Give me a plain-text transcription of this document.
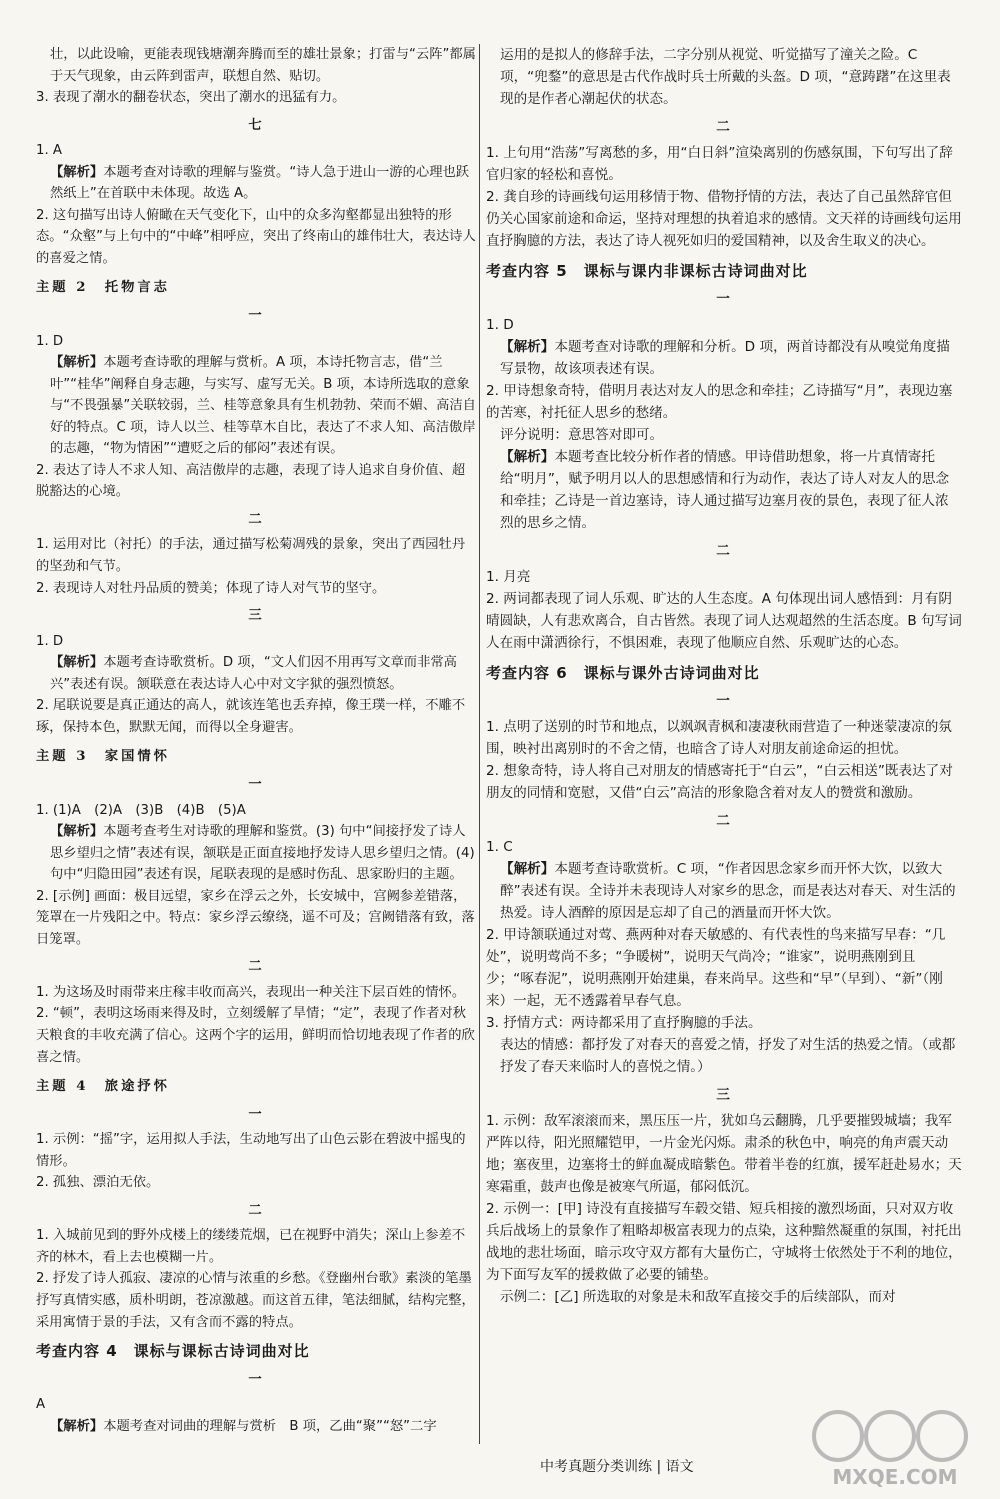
壮，以此设喻，更能表现钱塘潮奔腾而至的雄壮景象；打雷与“云阵”都属于天气现象，由云阵到雷声，联想自然、贴切。
3. 表现了潮水的翻卷状态，突出了潮水的迅猛有力。
七
1. A
【解析】本题考查对诗歌的理解与鉴赏。“诗人急于进山一游的心理也跃然纸上”在首联中未体现。故选 A。
2. 这句描写出诗人俯瞰在天气变化下，山中的众多沟壑都显出独特的形态。“众壑”与上句中的“中峰”相呼应，突出了终南山的雄伟壮大，表达诗人的喜爱之情。
主题 2　托物言志
一
1. D
【解析】本题考查诗歌的理解与赏析。A 项，本诗托物言志，借“兰叶”“桂华”阐释自身志趣，与实写、虚写无关。B 项，本诗所选取的意象与“不畏强暴”关联较弱，兰、桂等意象具有生机勃勃、荣而不媚、高洁自好的特点。C 项，诗人以兰、桂等草木自比，表达了不求人知、高洁傲岸的志趣，“物为情困”“遭贬之后的郁闷”表述有误。
2. 表达了诗人不求人知、高洁傲岸的志趣，表现了诗人追求自身价值、超脱豁达的心境。
二
1. 运用对比（衬托）的手法，通过描写松菊凋残的景象，突出了西园牡丹的坚劲和气节。
2. 表现诗人对牡丹品质的赞美；体现了诗人对气节的坚守。
三
1. D
【解析】本题考查诗歌赏析。D 项，“文人们因不用再写文章而非常高兴”表述有误。颔联意在表达诗人心中对文字狱的强烈愤怒。
2. 尾联说要是真正通达的高人，就该连笔也丢弃掉，像王璞一样，不雕不琢，保持本色，默默无闻，而得以全身避害。
主题 3　家国情怀
一
1. (1)A　(2)A　(3)B　(4)B　(5)A
【解析】本题考查考生对诗歌的理解和鉴赏。(3) 句中“间接抒发了诗人思乡望归之情”表述有误，颔联是正面直接地抒发诗人思乡望归之情。(4) 句中“归隐田园”表述有误，尾联表现的是感时伤乱、思家盼归的主题。
2. [示例] 画面：极目远望，家乡在浮云之外，长安城中，宫阙参差错落，笼罩在一片残阳之中。特点：家乡浮云缭绕，遥不可及；宫阙错落有致，落日笼罩。
二
1. 为这场及时雨带来庄稼丰收而高兴，表现出一种关注下层百姓的情怀。
2. “顿”，表明这场雨来得及时，立刻缓解了旱情；“定”，表现了作者对秋天粮食的丰收充满了信心。这两个字的运用，鲜明而恰切地表现了作者的欣喜之情。
主题 4　旅途抒怀
一
1. 示例：“摇”字，运用拟人手法，生动地写出了山色云影在碧波中摇曳的情形。
2. 孤独、漂泊无依。
二
1. 入城前见到的野外戍楼上的缕缕荒烟，已在视野中消失；深山上参差不齐的林木，看上去也模糊一片。
2. 抒发了诗人孤寂、凄凉的心情与浓重的乡愁。《登幽州台歌》素淡的笔墨抒写真情实感，质朴明朗，苍凉激越。而这首五律，笔法细腻，结构完整，采用寓情于景的手法，又有含而不露的特点。
考查内容 4　课标与课标古诗词曲对比
一
A
【解析】本题考查对词曲的理解与赏析　B 项，乙曲“聚”“怒”二字
运用的是拟人的修辞手法，二字分别从视觉、听觉描写了潼关之险。C 项，“兜鍪”的意思是古代作战时兵士所戴的头盔。D 项，“意踌躇”在这里表现的是作者心潮起伏的状态。
二
1. 上句用“浩荡”写离愁的多，用“白日斜”渲染离别的伤感氛围，下句写出了辞官归家的轻松和喜悦。
2. 龚自珍的诗画线句运用移情于物、借物抒情的方法，表达了自己虽然辞官但仍关心国家前途和命运，坚持对理想的执着追求的感情。文天祥的诗画线句运用直抒胸臆的方法，表达了诗人视死如归的爱国精神，以及舍生取义的决心。
考查内容 5　课标与课内非课标古诗词曲对比
一
1. D
【解析】本题考查对诗歌的理解和分析。D 项，两首诗都没有从嗅觉角度描写景物，故该项表述有误。
2. 甲诗想象奇特，借明月表达对友人的思念和牵挂；乙诗描写“月”，表现边塞的苦寒，衬托征人思乡的愁绪。
评分说明：意思答对即可。
【解析】本题考查比较分析作者的情感。甲诗借助想象，将一片真情寄托给“明月”，赋予明月以人的思想感情和行为动作，表达了诗人对友人的思念和牵挂；乙诗是一首边塞诗，诗人通过描写边塞月夜的景色，表现了征人浓烈的思乡之情。
二
1. 月亮
2. 两词都表现了词人乐观、旷达的人生态度。A 句体现出词人感悟到：月有阴晴圆缺，人有悲欢离合，自古皆然。表现了词人达观超然的生活态度。B 句写词人在雨中潇洒徐行，不惧困难，表现了他顺应自然、乐观旷达的心态。
考查内容 6　课标与课外古诗词曲对比
一
1. 点明了送别的时节和地点，以飒飒青枫和凄凄秋雨营造了一种迷蒙凄凉的氛围，映衬出离别时的不舍之情，也暗含了诗人对朋友前途命运的担忧。
2. 想象奇特，诗人将自己对朋友的情感寄托于“白云”，“白云相送”既表达了对朋友的同情和宽慰，又借“白云”高洁的形象隐含着对友人的赞赏和激励。
二
1. C
【解析】本题考查诗歌赏析。C 项，“作者因思念家乡而开怀大饮，以致大醉”表述有误。全诗并未表现诗人对家乡的思念，而是表达对春天、对生活的热爱。诗人酒醉的原因是忘却了自己的酒量而开怀大饮。
2. 甲诗颔联通过对莺、燕两种对春天敏感的、有代表性的鸟来描写早春：“几处”，说明莺尚不多；“争暖树”，说明天气尚冷；“谁家”，说明燕刚到且少；“啄春泥”，说明燕刚开始建巢，春来尚早。这些和“早”（早到）、“新”（刚来）一起，无不透露着早春气息。
3. 抒情方式：两诗都采用了直抒胸臆的手法。
表达的情感：都抒发了对春天的喜爱之情，抒发了对生活的热爱之情。（或都抒发了春天来临时人的喜悦之情。）
三
1. 示例：敌军滚滚而来，黑压压一片，犹如乌云翻腾，几乎要摧毁城墙；我军严阵以待，阳光照耀铠甲，一片金光闪烁。肃杀的秋色中，响亮的角声震天动地；塞夜里，边塞将士的鲜血凝成暗紫色。带着半卷的红旗，援军赶赴易水；天寒霜重，鼓声也像是被寒气所逼，郁闷低沉。
2. 示例一：[甲] 诗没有直接描写车毂交错、短兵相接的激烈场面，只对双方收兵后战场上的景象作了粗略却极富表现力的点染，这种黯然凝重的氛围，衬托出战地的悲壮场面，暗示攻守双方都有大量伤亡，守城将士依然处于不利的地位，为下面写友军的援救做了必要的铺垫。
示例二：[乙] 所选取的对象是未和敌军直接交手的后续部队，而对
中考真题分类训练 | 语文	MXQE.COM
